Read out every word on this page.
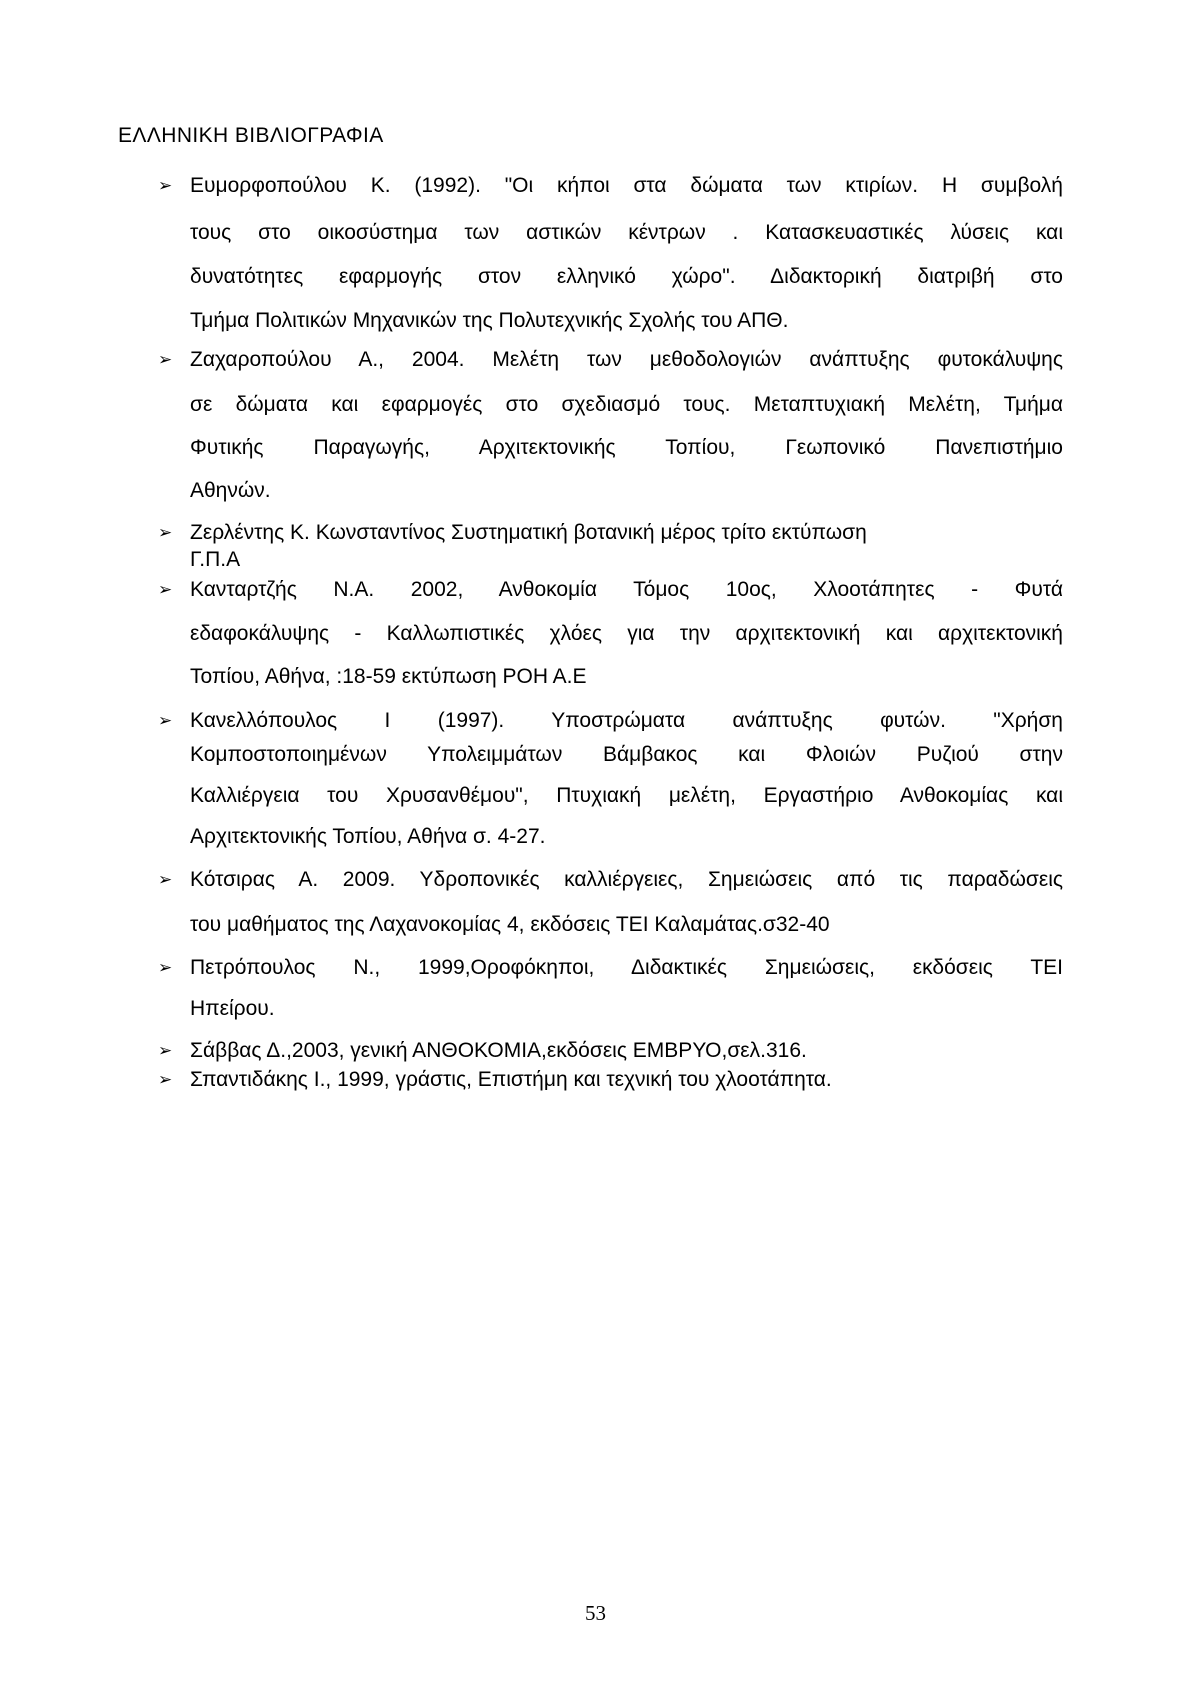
ΕΛΛΗΝΙΚΗ ΒΙΒΛΙΟΓΡΑΦΙΑ
➢ Ευμορφοπούλου Κ. (1992). "Οι κήποι στα δώματα των κτιρίων. Η συμβολή
τους στο οικοσύστημα των αστικών κέντρων . Κατασκευαστικές λύσεις και
δυνατότητες εφαρμογής στον ελληνικό χώρο". Διδακτορική διατριβή στο
Τμήμα Πολιτικών Μηχανικών της Πολυτεχνικής Σχολής του ΑΠΘ.
➢ Ζαχαροπούλου Α., 2004. Μελέτη των μεθοδολογιών ανάπτυξης φυτοκάλυψης
σε δώματα και εφαρμογές στο σχεδιασμό τους. Μεταπτυχιακή Μελέτη, Τμήμα
Φυτικής Παραγωγής, Αρχιτεκτονικής Τοπίου, Γεωπονικό Πανεπιστήμιο
Αθηνών.
➢ Ζερλέντης Κ. Κωνσταντίνος Συστηματική βοτανική μέρος τρίτο εκτύπωση
Γ.Π.Α
➢ Κανταρτζής Ν.Α. 2002, Ανθοκομία Τόμος 10ος, Χλοοτάπητες - Φυτά
εδαφοκάλυψης - Καλλωπιστικές χλόες για την αρχιτεκτονική και αρχιτεκτονική
Τοπίου, Αθήνα, :18-59 εκτύπωση ΡΟΗ Α.Ε
➢ Κανελλόπουλος Ι (1997). Υποστρώματα ανάπτυξης φυτών. "Χρήση
Κομποστοποιημένων Υπολειμμάτων Βάμβακος και Φλοιών Ρυζιού στην
Καλλιέργεια του Χρυσανθέμου", Πτυχιακή μελέτη, Εργαστήριο Ανθοκομίας και
Αρχιτεκτονικής Τοπίου, Αθήνα σ. 4-27.
➢ Κότσιρας Α. 2009. Υδροπονικές καλλιέργειες, Σημειώσεις από τις παραδώσεις
του μαθήματος της Λαχανοκομίας 4, εκδόσεις ΤΕΙ Καλαμάτας.σ32-40
➢ Πετρόπουλος Ν., 1999,Οροφόκηποι, Διδακτικές Σημειώσεις, εκδόσεις ΤΕΙ
Ηπείρου.
➢ Σάββας Δ.,2003, γενική ΑΝΘΟΚΟΜΙΑ,εκδόσεις ΕΜΒΡΥΟ,σελ.316.
➢ Σπαντιδάκης Ι., 1999, γράστις, Επιστήμη και τεχνική του χλοοτάπητα.
53
